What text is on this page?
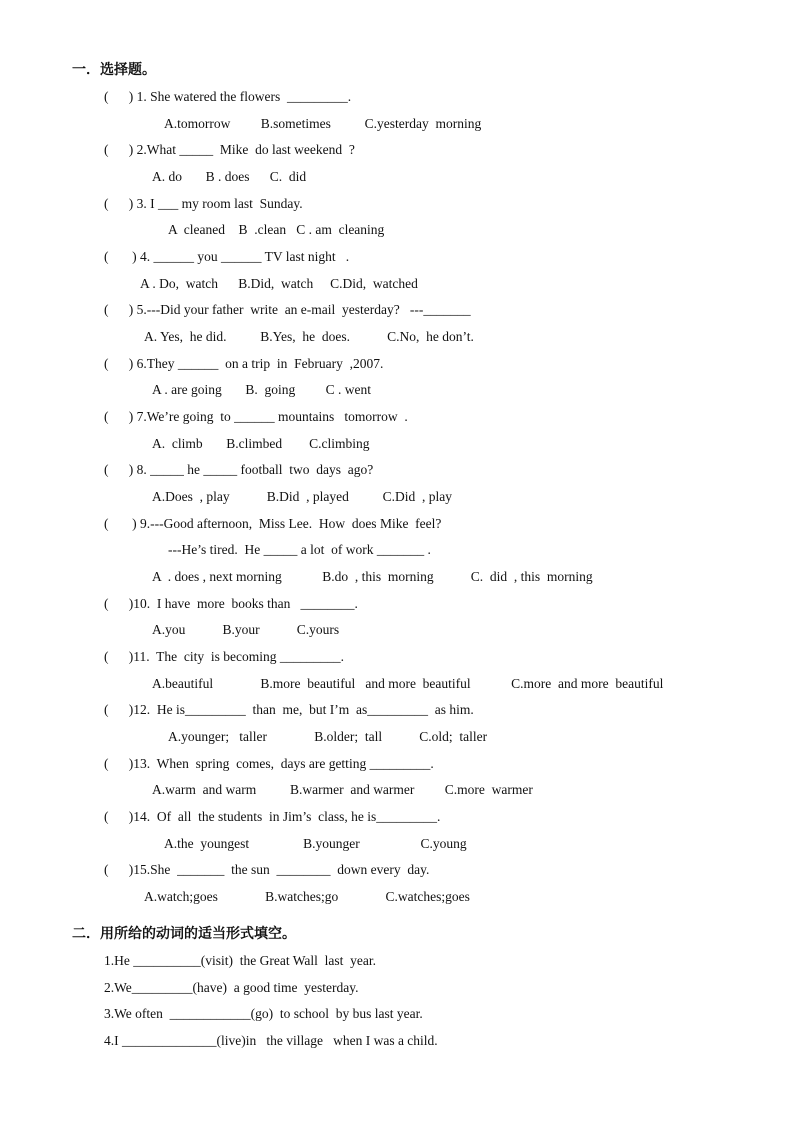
一．选择题。
(      ) 1. She watered the flowers  _________.
A.tomorrow         B.sometimes          C.yesterday  morning
(      ) 2.What _____  Mike  do last weekend  ?
A. do       B . does      C.  did
(      ) 3. I ___ my room last  Sunday.
A  cleaned    B  .clean   C . am  cleaning
(       ) 4. ______ you ______ TV last night   .
A . Do,  watch      B.Did,  watch     C.Did,  watched
(      ) 5.---Did your father  write  an e-mail  yesterday?   ---_______
A. Yes,  he did.          B.Yes,  he  does.           C.No,  he don’t.
(      ) 6.They ______  on a trip  in  February  ,2007.
A . are going       B.  going         C . went
(      ) 7.We’re going  to ______ mountains   tomorrow  .
A.  climb       B.climbed        C.climbing
(      ) 8. _____ he _____ football  two  days  ago?
A.Does  , play           B.Did  , played          C.Did  , play
(       ) 9.---Good afternoon,  Miss Lee.  How  does Mike  feel?
---He’s tired.  He _____ a lot  of work _______ .
A  . does , next morning            B.do  , this  morning           C.  did  , this  morning
(      )10.  I have  more  books than   ________.
A.you           B.your           C.yours
(      )11.  The  city  is becoming _________.
A.beautiful              B.more  beautiful   and more  beautiful            C.more  and more  beautiful
(      )12.  He is_________  than  me,  but I’m  as_________  as him.
A.younger;   taller              B.older;  tall           C.old;  taller
(      )13.  When  spring  comes,  days are getting _________.
A.warm  and warm          B.warmer  and warmer         C.more  warmer
(      )14.  Of  all  the students  in Jim’s  class, he is_________.
A.the  youngest                B.younger                  C.young
(      )15.She  _______  the sun  ________  down every  day.
A.watch;goes              B.watches;go              C.watches;goes
二．用所给的动词的适当形式填空。
1.He __________(visit)  the Great Wall  last  year.
2.We_________(have)  a good time  yesterday.
3.We often  ____________(go)  to school  by bus last year.
4.I ______________(live)in   the village   when I was a child.
